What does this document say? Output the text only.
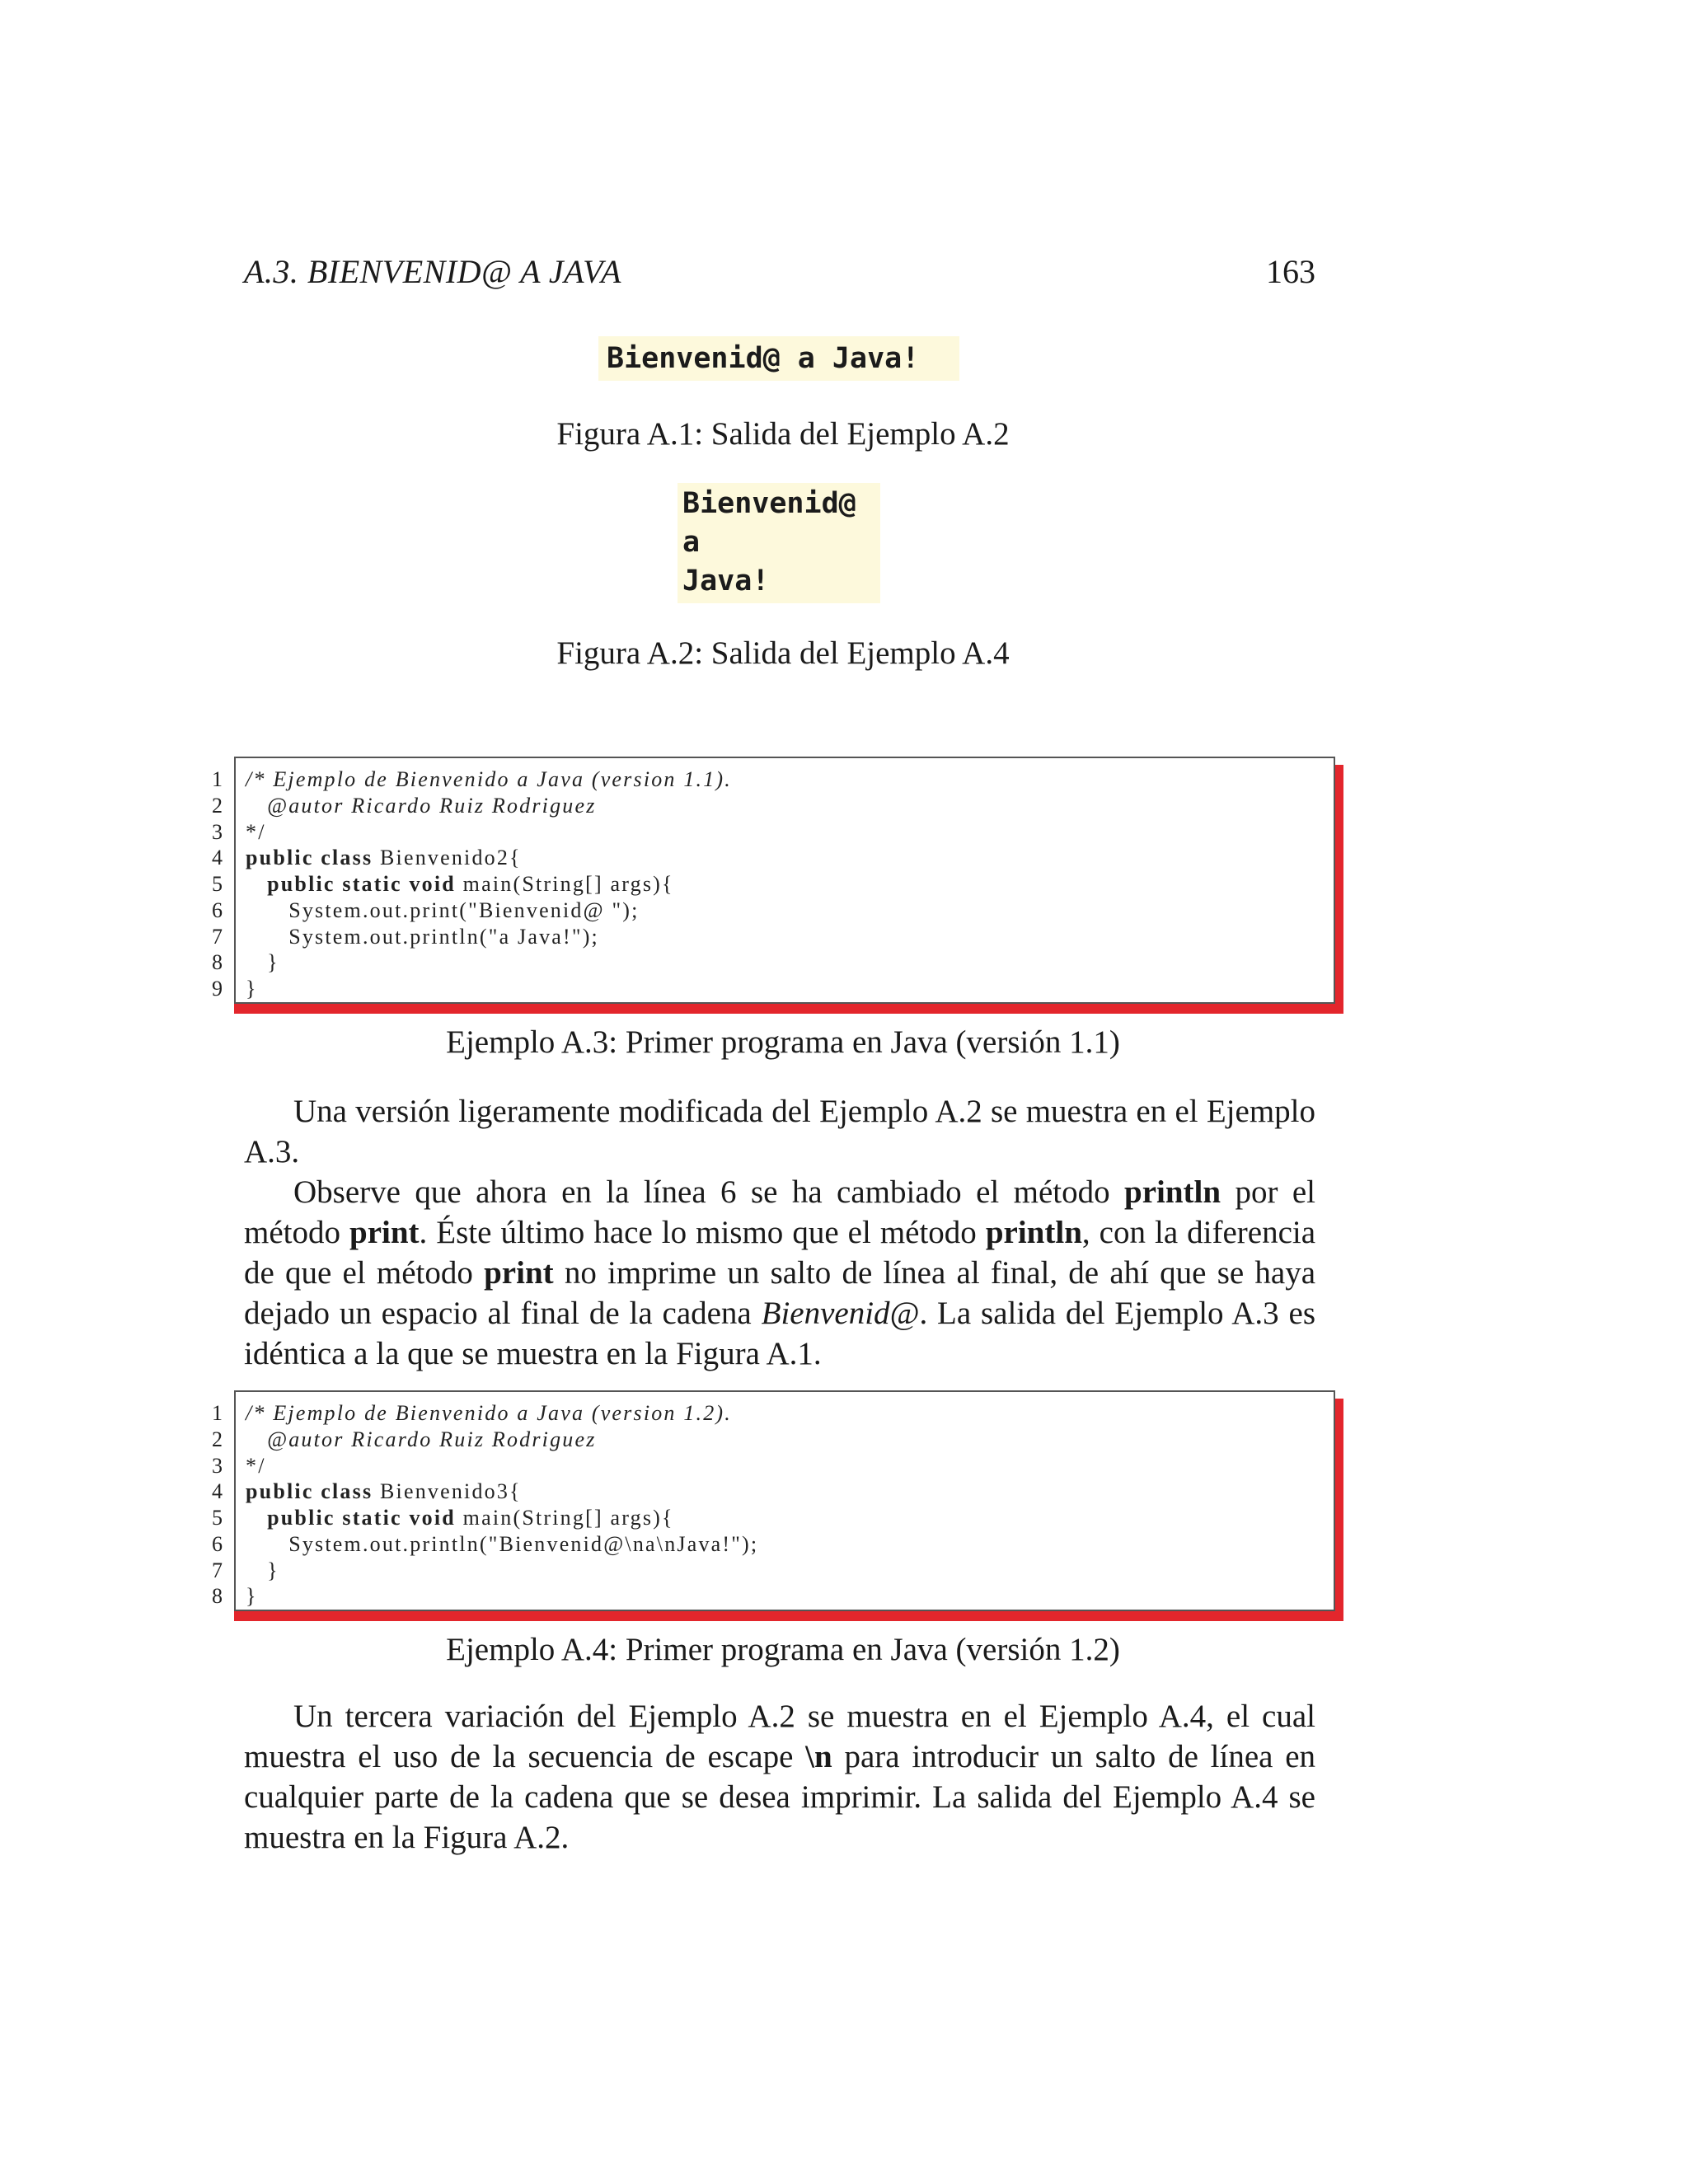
A.3. BIENVENID@ A JAVA	163
Bienvenid@ a Java!
Figura A.1: Salida del Ejemplo A.2
Bienvenid@
a
Java!
Figura A.2: Salida del Ejemplo A.4
1
2
3
4
5
6
7
8
9
/* Ejemplo de Bienvenido a Java (version 1.1).
@autor Ricardo Ruiz Rodriguez
*/
public class Bienvenido2{
public static void main(String[] args){
System.out.print("Bienvenid@ ");
System.out.println("a Java!");
}
}
Ejemplo A.3: Primer programa en Java (versión 1.1)
Una versión ligeramente modificada del Ejemplo A.2 se muestra en el Ejemplo A.3.
Observe que ahora en la línea 6 se ha cambiado el método println por el método print. Éste último hace lo mismo que el método println, con la diferencia de que el método print no imprime un salto de línea al final, de ahí que se haya dejado un espacio al final de la cadena Bienvenid@. La salida del Ejemplo A.3 es idéntica a la que se muestra en la Figura A.1.
1
2
3
4
5
6
7
8
/* Ejemplo de Bienvenido a Java (version 1.2).
@autor Ricardo Ruiz Rodriguez
*/
public class Bienvenido3{
public static void main(String[] args){
System.out.println("Bienvenid@\na\nJava!");
}
}
Ejemplo A.4: Primer programa en Java (versión 1.2)
Un tercera variación del Ejemplo A.2 se muestra en el Ejemplo A.4, el cual muestra el uso de la secuencia de escape \n para introducir un salto de línea en cualquier parte de la cadena que se desea imprimir. La salida del Ejemplo A.4 se muestra en la Figura A.2.
